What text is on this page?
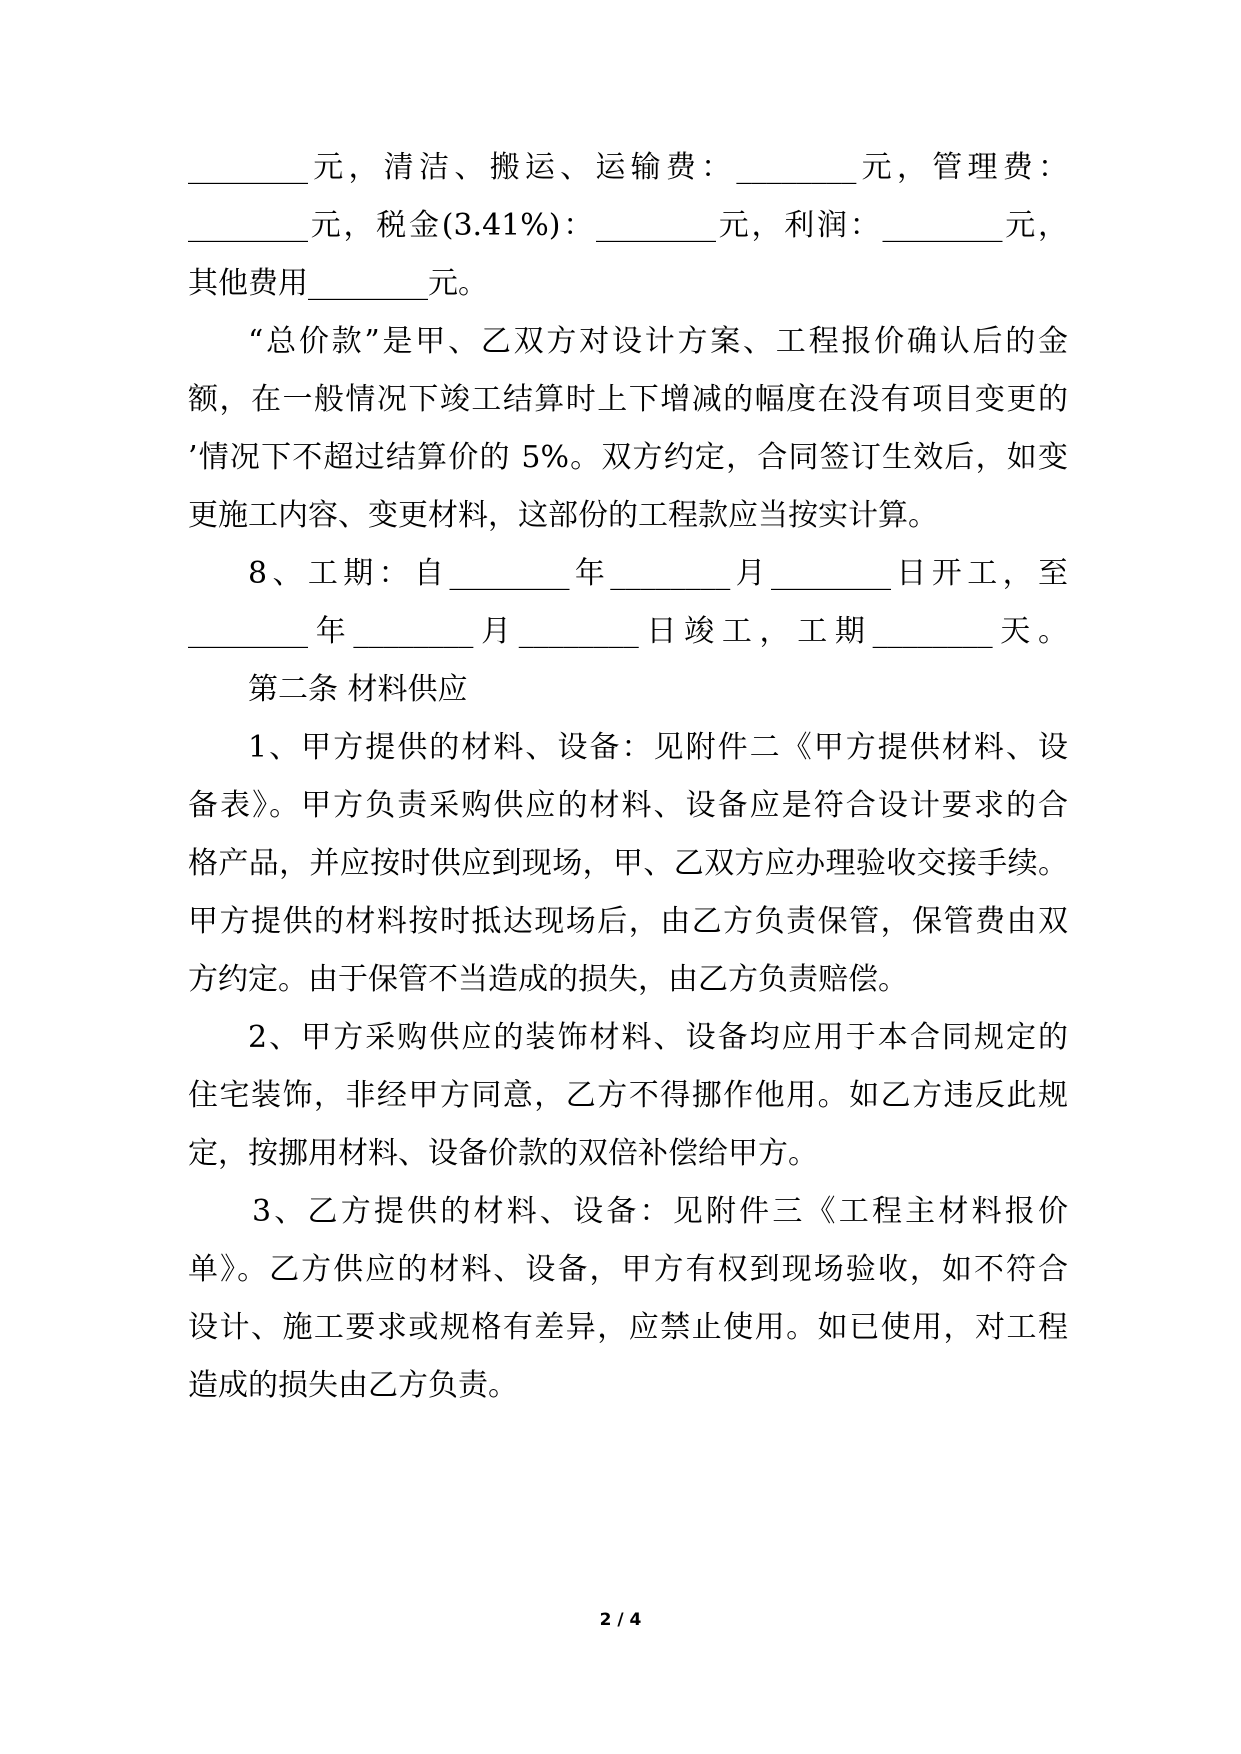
________元，清洁、搬运、运输费：________元，管理费：
________元，税金(3.41%)：________元，利润：________元，
其他费用________元。
“总价款”是甲、乙双方对设计方案、工程报价确认后的金
额，在一般情况下竣工结算时上下增减的幅度在没有项目变更的
’情况下不超过结算价的 5%。双方约定，合同签订生效后，如变
更施工内容、变更材料，这部份的工程款应当按实计算。
8、工期：自________年________月________日开工，至
________年________月________日竣工，工期________天。
第二条 材料供应
1、甲方提供的材料、设备：见附件二《甲方提供材料、设
备表》。甲方负责采购供应的材料、设备应是符合设计要求的合
格产品，并应按时供应到现场，甲、乙双方应办理验收交接手续。
甲方提供的材料按时抵达现场后，由乙方负责保管，保管费由双
方约定。由于保管不当造成的损失，由乙方负责赔偿。
2、甲方采购供应的装饰材料、设备均应用于本合同规定的
住宅装饰，非经甲方同意，乙方不得挪作他用。如乙方违反此规
定，按挪用材料、设备价款的双倍补偿给甲方。
3、乙方提供的材料、设备：见附件三《工程主材料报价
单》。乙方供应的材料、设备，甲方有权到现场验收，如不符合
设计、施工要求或规格有差异，应禁止使用。如已使用，对工程
造成的损失由乙方负责。
2 / 4
